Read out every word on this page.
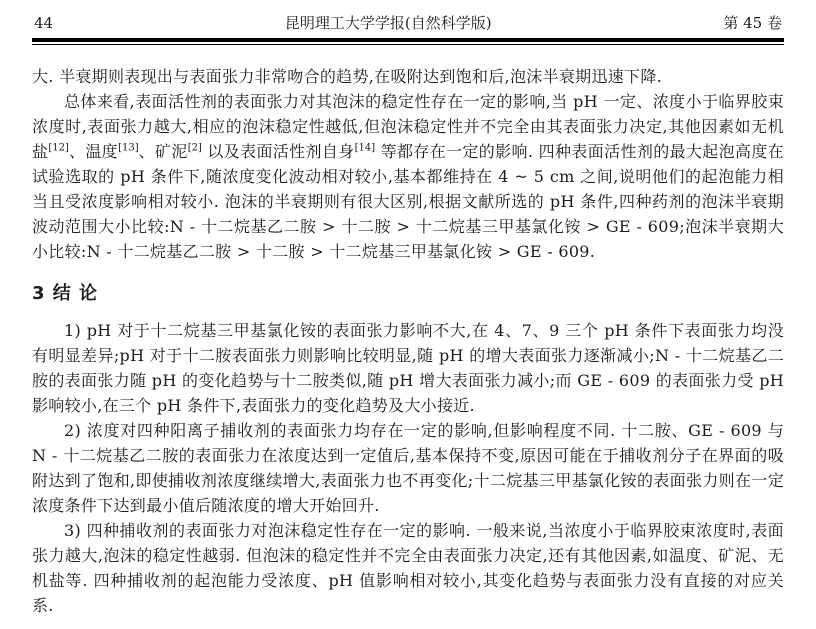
44	昆明理工大学学报(自然科学版)	第 45 卷

大. 半衰期则表现出与表面张力非常吻合的趋势,在吸附达到饱和后,泡沫半衰期迅速下降.

总体来看,表面活性剂的表面张力对其泡沫的稳定性存在一定的影响,当 pH 一定、浓度小于临界胶束浓度时,表面张力越大,相应的泡沫稳定性越低,但泡沫稳定性并不完全由其表面张力决定,其他因素如无机盐[12]、温度[13]、矿泥[2] 以及表面活性剂自身[14] 等都存在一定的影响. 四种表面活性剂的最大起泡高度在试验选取的 pH 条件下,随浓度变化波动相对较小,基本都维持在 4 ~ 5 cm 之间,说明他们的起泡能力相当且受浓度影响相对较小. 泡沫的半衰期则有很大区别,根据文献所选的 pH 条件,四种药剂的泡沫半衰期波动范围大小比较:N - 十二烷基乙二胺 > 十二胺 > 十二烷基三甲基氯化铵 > GE - 609;泡沫半衰期大小比较:N - 十二烷基乙二胺 > 十二胺 > 十二烷基三甲基氯化铵 > GE - 609.

3 结 论

1) pH 对于十二烷基三甲基氯化铵的表面张力影响不大,在 4、7、9 三个 pH 条件下表面张力均没有明显差异;pH 对于十二胺表面张力则影响比较明显,随 pH 的增大表面张力逐渐减小;N - 十二烷基乙二胺的表面张力随 pH 的变化趋势与十二胺类似,随 pH 增大表面张力减小;而 GE - 609 的表面张力受 pH 影响较小,在三个 pH 条件下,表面张力的变化趋势及大小接近.

2) 浓度对四种阳离子捕收剂的表面张力均存在一定的影响,但影响程度不同. 十二胺、GE - 609 与 N - 十二烷基乙二胺的表面张力在浓度达到一定值后,基本保持不变,原因可能在于捕收剂分子在界面的吸附达到了饱和,即使捕收剂浓度继续增大,表面张力也不再变化;十二烷基三甲基氯化铵的表面张力则在一定浓度条件下达到最小值后随浓度的增大开始回升.

3) 四种捕收剂的表面张力对泡沫稳定性存在一定的影响. 一般来说,当浓度小于临界胶束浓度时,表面张力越大,泡沫的稳定性越弱. 但泡沫的稳定性并不完全由表面张力决定,还有其他因素,如温度、矿泥、无机盐等. 四种捕收剂的起泡能力受浓度、pH 值影响相对较小,其变化趋势与表面张力没有直接的对应关系.
